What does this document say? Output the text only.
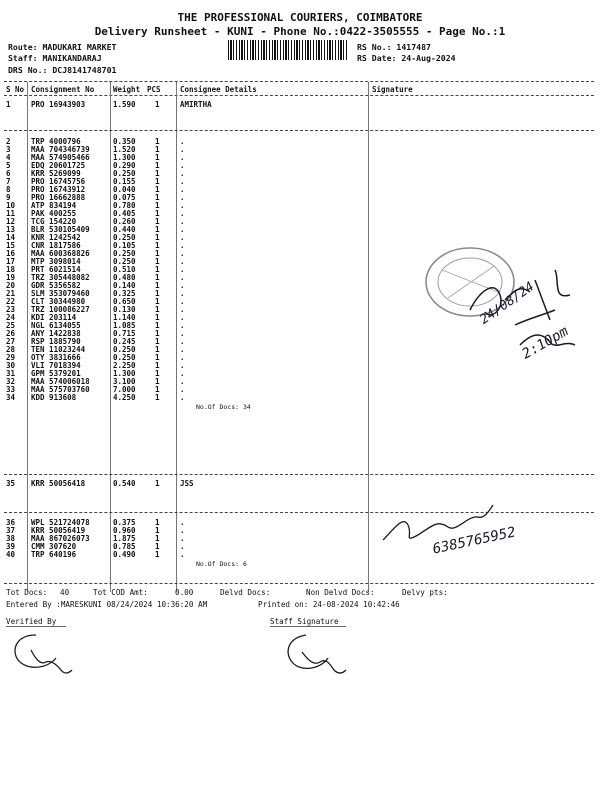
THE PROFESSIONAL COURIERS, COIMBATORE
Delivery Runsheet - KUNI - Phone No.:0422-3505555 - Page No.:1
Route: MADUKARI MARKET
Staff: MANIKANDARAJ
DRS No.: DCJ8141748701
RS No.: 1417487
RS Date: 24-Aug-2024
S No Consignment No	Weight PCS	Consignee Details	Signature
1	PRO 16943903	1.590	1	AMIRTHA
2	TRP 4000796	0.350	1	.
3	MAA 704346739	1.520	1	.
4	MAA 574905466	1.300	1	.
5	EDQ 20601725	0.290	1	.
6	KRR 5269099	0.250	1	.
7	PRO 16745756	0.155	1	.
8	PRO 16743912	0.040	1	.
9	PRO 16662888	0.075	1	.
10 ATP 834194	0.780	1	.
11 PAK 400255	0.405	1	.
12 TCG 154220	0.260	1	.
13 BLR 530105409	0.440	1	.
14 KNR 1242542	0.250	1	.
15 CNR 1817586	0.105	1	.
16 MAA 600368826	0.250	1	.
17 MTP 3098014	0.250	1	.
18 PRT 6021514	0.510	1	.
19 TRZ 305448082	0.480	1	.
20 GDR 5356582	0.140	1	.
21 SLM 353079460	0.325	1	.
22 CLT 30344980	0.650	1	.
23 TRZ 100086227	0.130	1	.
24 KDI 203114	1.140	1	.
25 NGL 6134055	1.085	1	.
26 ANY 1422838	0.715	1	.
27 RSP 1885790	0.245	1	.
28 TEN 11023244	0.250	1	.
29 OTY 3831666	0.250	1	.
30 VLI 7018394	2.250	1	.
31 GPM 5379201	1.300	1	.
32 MAA 574006018	3.100	1	.
33 MAA 575703760	7.000	1	.
34 KDD 913608	4.250	1	.
No.Of Docs: 34
35 KRR 50056418	0.540	1	JSS
36 WPL 521724078	0.375	1	.
37 KRR 50056419	0.960	1	.
38 MAA 867026073	1.875	1	.
39 CMM 307620	0.785	1	.
40 TRP 640196	0.490	1	.
No.Of Docs: 6
24/08/24
2:10pm
6385765952
Tot Docs: 40	Tot COD Amt:	0.00	Delvd Docs:	Non Delvd Docs:	Delvy pts:
Entered By :MARESKUNI 08/24/2024 10:36:20 AM	Printed on: 24-08-2024 10:42:46
Verified By	Staff Signature
